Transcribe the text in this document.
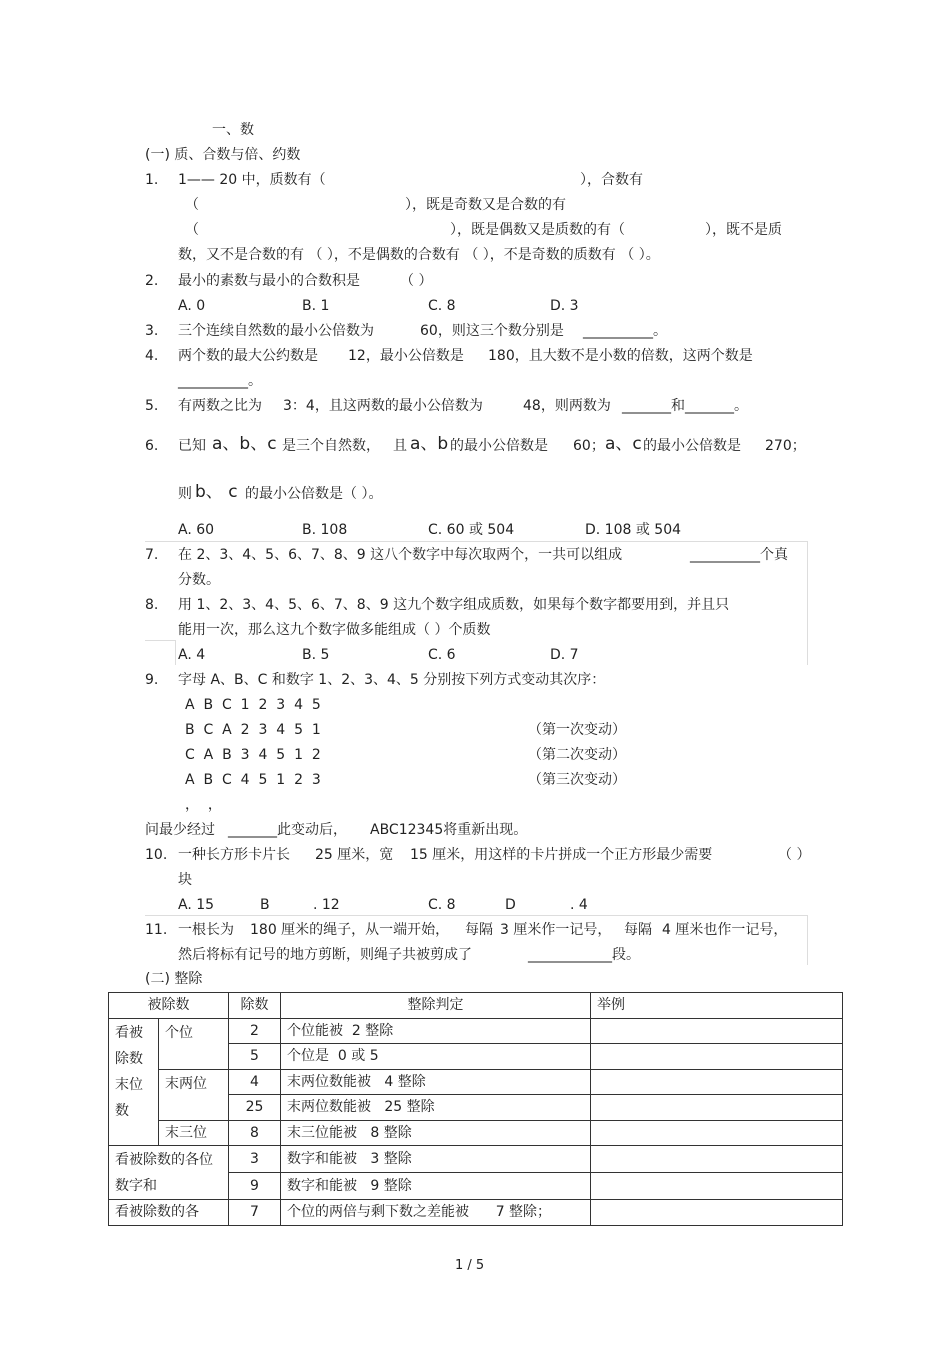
一、数
(一) 质、合数与倍、约数
1. 1—— 20 中，质数有（	），合数有
（	），既是奇数又是合数的有
（	），既是偶数又是质数的有（	），既不是质
数，又不是合数的有 （ ），不是偶数的合数有 （ ），不是奇数的质数有 （ ）。
2. 最小的素数与最小的合数积是	（ ）
A. 0	B. 1	C. 8	D. 3
3. 三个连续自然数的最小公倍数为	60，则这三个数分别是 __________。
4. 两个数的最大公约数是 12，最小公倍数是 180，且大数不是小数的倍数，这两个数是
__________。
5. 有两数之比为 3：4，且这两数的最小公倍数为	48，则两数为 _______和_______。
6. 已知 a、b、c 是三个自然数， 且 a、b 的最小公倍数是 60； a、c 的最小公倍数是 270；
则 b、 c 的最小公倍数是（ ）。
A. 60	B. 108	C. 60 或 504	D. 108 或 504
7. 在 2、3、4、5、6、7、8、9 这八个数字中每次取两个，一共可以组成	__________个真
分数。
8. 用 1、2、3、4、5、6、7、8、9 这九个数字组成质数，如果每个数字都要用到，并且只
能用一次，那么这九个数字做多能组成（ ）个质数
A. 4	B. 5	C. 6	D. 7
9. 字母 A、B、C 和数字 1、2、3、4、5 分别按下列方式变动其次序：
A  B  C  1  2  3  4  5
B  C  A  2  3  4  5  1	（第一次变动）
C  A  B  3  4  5  1  2	（第二次变动）
A  B  C  4  5  1  2  3	（第三次变动）
，  ，
问最少经过 _______此变动后， ABC12345将重新出现。
10. 一种长方形卡片长 25 厘米，宽 15 厘米，用这样的卡片拼成一个正方形最少需要	（ ）
块
A. 15	B	. 12	C. 8	D	. 4
11. 一根长为 180 厘米的绳子，从一端开始， 每隔 3 厘米作一记号， 每隔 4 厘米也作一记号，
然后将标有记号的地方剪断，则绳子共被剪成了	____________段。
(二) 整除
被除数		除数	整除判定	举例
看被除数末位数	个位	2	个位能被  2 整除	
		5	个位是  0 或 5	
	末两位	4	末两位数能被   4 整除	
		25	末两位数能被   25 整除	
	末三位	8	末三位能被   8 整除	
看被除数的各位数字和		3	数字和能被   3 整除	
		9	数字和能被   9 整除	
看被除数的各		7	个位的两倍与剩下数之差能被      7 整除；	
1 / 5
